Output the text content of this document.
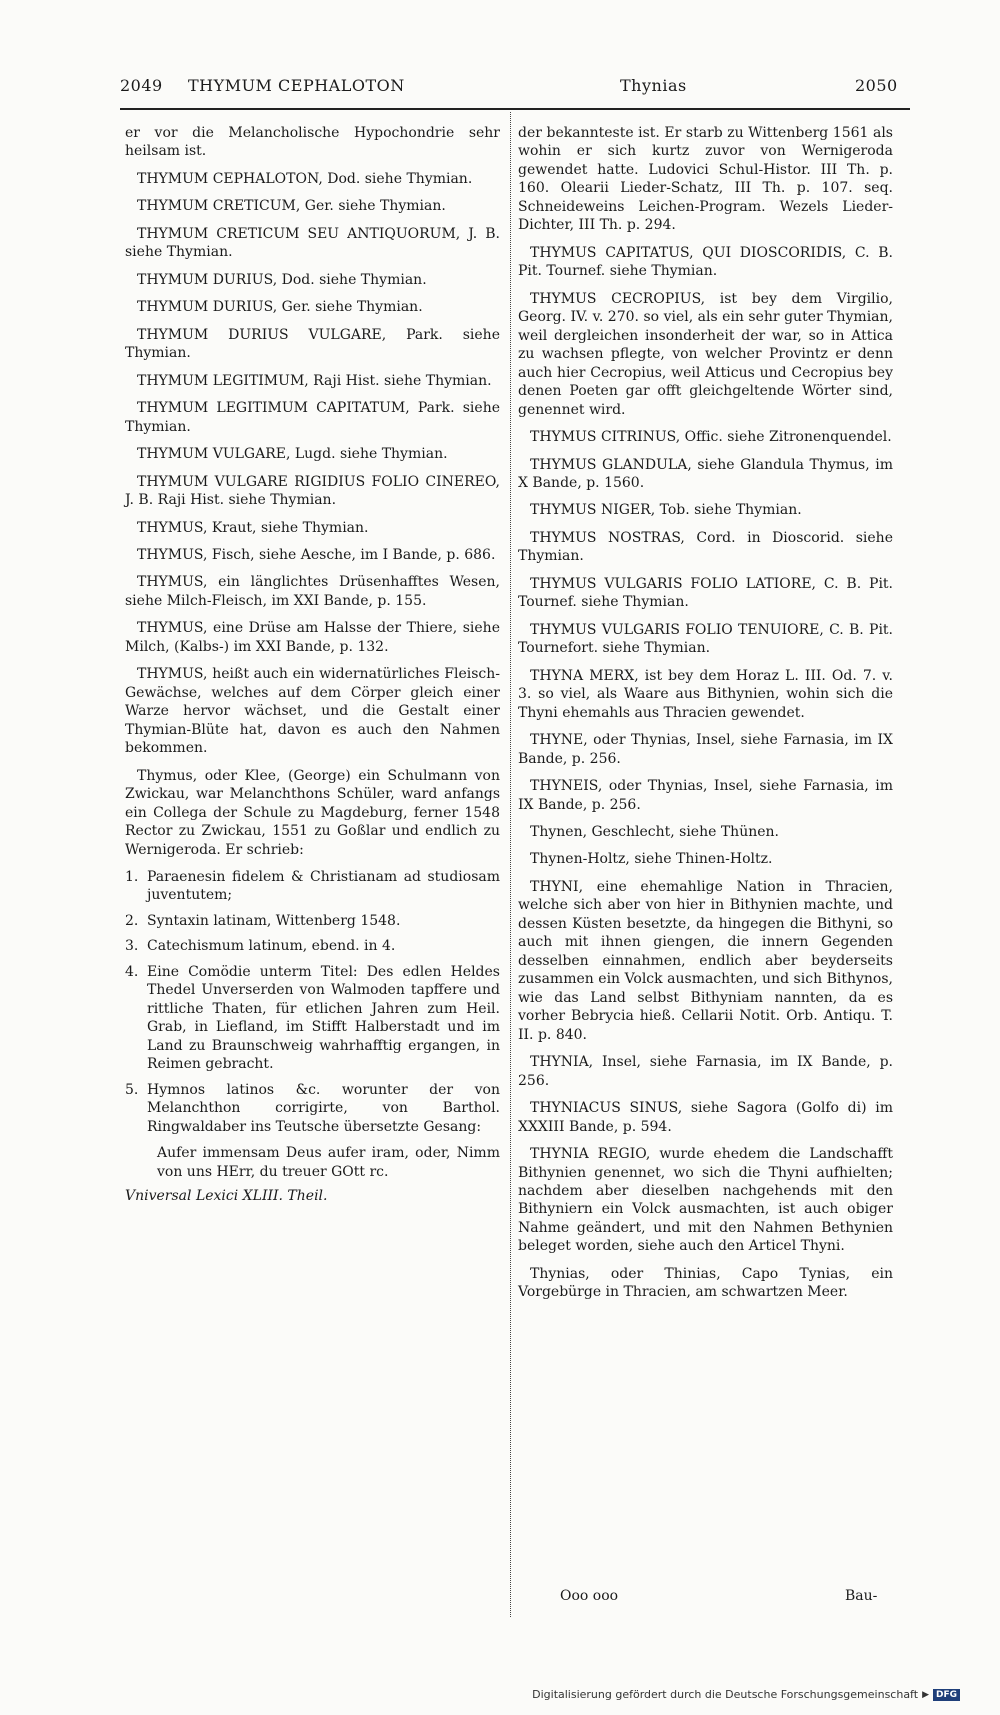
2049 THYMUM CEPHALOTON	Thynias	2050

er vor die Melancholische Hypochondrie sehr heilsam ist.

THYMUM CEPHALOTON, Dod. siehe Thymian.

THYMUM CRETICUM, Ger. siehe Thymian.

THYMUM CRETICUM SEU ANTIQUORUM, J. B. siehe Thymian.

THYMUM DURIUS, Dod. siehe Thymian.

THYMUM DURIUS, Ger. siehe Thymian.

THYMUM DURIUS VULGARE, Park. siehe Thymian.

THYMUM LEGITIMUM, Raji Hist. siehe Thymian.

THYMUM LEGITIMUM CAPITATUM, Park. siehe Thymian.

THYMUM VULGARE, Lugd. siehe Thymian.

THYMUM VULGARE RIGIDIUS FOLIO CINEREO, J. B. Raji Hist. siehe Thymian.

THYMUS, Kraut, siehe Thymian.

THYMUS, Fisch, siehe Aesche, im I Bande, p. 686.

THYMUS, ein länglichtes Drüsenhafftes Wesen, siehe Milch-Fleisch, im XXI Bande, p. 155.

THYMUS, eine Drüse am Halsse der Thiere, siehe Milch, (Kalbs-) im XXI Bande, p. 132.

THYMUS, heißt auch ein widernatürliches Fleisch-Gewächse, welches auf dem Cörper gleich einer Warze hervor wächset, und die Gestalt einer Thymian-Blüte hat, davon es auch den Nahmen bekommen.

Thymus, oder Klee, (George) ein Schulmann von Zwickau, war Melanchthons Schüler, ward anfangs ein Collega der Schule zu Magdeburg, ferner 1548 Rector zu Zwickau, 1551 zu Goßlar und endlich zu Wernigeroda. Er schrieb:

1. Paraenesin fidelem & Christianam ad studiosam juventutem;
2. Syntaxin latinam, Wittenberg 1548.
3. Catechismum latinum, ebend. in 4.
4. Eine Comödie unterm Titel: Des edlen Heldes Thedel Unverserden von Walmoden tapffere und rittliche Thaten, für etlichen Jahren zum Heil. Grab, in Liefland, im Stifft Halberstadt und im Land zu Braunschweig wahrhafftig ergangen, in Reimen gebracht.
5. Hymnos latinos &c. worunter der von Melanchthon corrigirte, von Barthol. Ringwaldaber ins Teutsche übersetzte Gesang:

Aufer immensam Deus aufer iram, oder, Nimm von uns HErr, du treuer GOtt rc.

Vniversal Lexici XLIII. Theil.

der bekannteste ist. Er starb zu Wittenberg 1561 als wohin er sich kurtz zuvor von Wernigeroda gewendet hatte. Ludovici Schul-Histor. III Th. p. 160. Olearii Lieder-Schatz, III Th. p. 107. seq. Schneideweins Leichen-Program. Wezels Lieder-Dichter, III Th. p. 294.

THYMUS CAPITATUS, QUI DIOSCORIDIS, C. B. Pit. Tournef. siehe Thymian.

THYMUS CECROPIUS, ist bey dem Virgilio, Georg. IV. v. 270. so viel, als ein sehr guter Thymian, weil dergleichen insonderheit der war, so in Attica zu wachsen pflegte, von welcher Provintz er denn auch hier Cecropius, weil Atticus und Cecropius bey denen Poeten gar offt gleichgeltende Wörter sind, genennet wird.

THYMUS CITRINUS, Offic. siehe Zitronenquendel.

THYMUS GLANDULA, siehe Glandula Thymus, im X Bande, p. 1560.

THYMUS NIGER, Tob. siehe Thymian.

THYMUS NOSTRAS, Cord. in Dioscorid. siehe Thymian.

THYMUS VULGARIS FOLIO LATIORE, C. B. Pit. Tournef. siehe Thymian.

THYMUS VULGARIS FOLIO TENUIORE, C. B. Pit. Tournefort. siehe Thymian.

THYNA MERX, ist bey dem Horaz L. III. Od. 7. v. 3. so viel, als Waare aus Bithynien, wohin sich die Thyni ehemahls aus Thracien gewendet.

THYNE, oder Thynias, Insel, siehe Farnasia, im IX Bande, p. 256.

THYNEIS, oder Thynias, Insel, siehe Farnasia, im IX Bande, p. 256.

Thynen, Geschlecht, siehe Thünen.

Thynen-Holtz, siehe Thinen-Holtz.

THYNI, eine ehemahlige Nation in Thracien, welche sich aber von hier in Bithynien machte, und dessen Küsten besetzte, da hingegen die Bithyni, so auch mit ihnen giengen, die innern Gegenden desselben einnahmen, endlich aber beyderseits zusammen ein Volck ausmachten, und sich Bithynos, wie das Land selbst Bithyniam nannten, da es vorher Bebrycia hieß. Cellarii Notit. Orb. Antiqu. T. II. p. 840.

THYNIA, Insel, siehe Farnasia, im IX Bande, p. 256.

THYNIACUS SINUS, siehe Sagora (Golfo di) im XXXIII Bande, p. 594.

THYNIA REGIO, wurde ehedem die Landschafft Bithynien genennet, wo sich die Thyni aufhielten; nachdem aber dieselben nachgehends mit den Bithyniern ein Volck ausmachten, ist auch obiger Nahme geändert, und mit den Nahmen Bethynien beleget worden, siehe auch den Articel Thyni.

Thynias, oder Thinias, Capo Tynias, ein Vorgebürge in Thracien, am schwartzen Meer.

Ooo ooo	Bau-
Digitalisierung gefördert durch die Deutsche Forschungsgemeinschaft ▶ DFG
